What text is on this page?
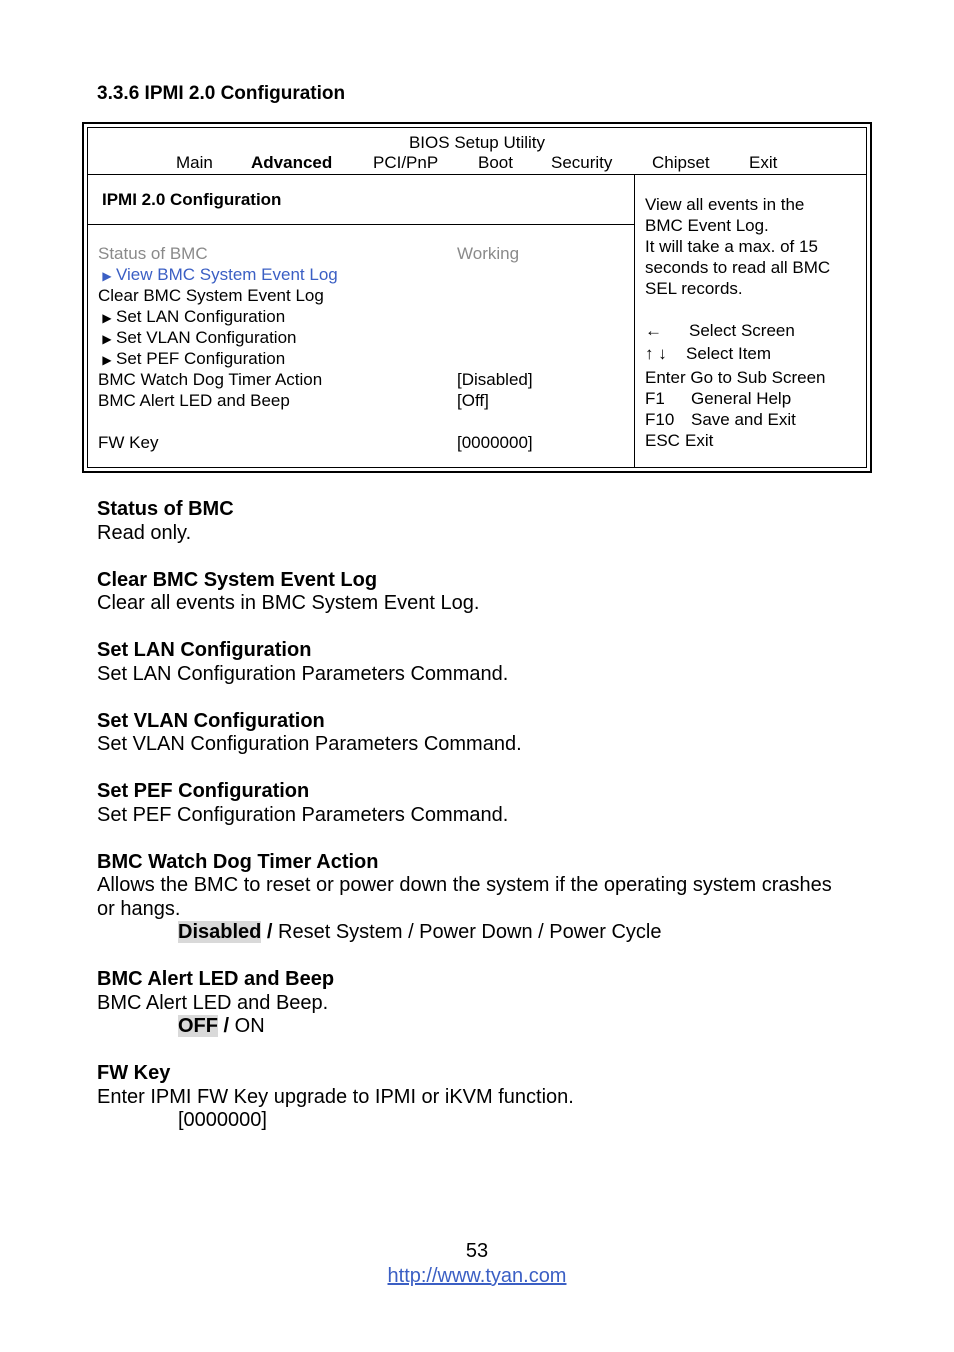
3.3.6 IPMI 2.0 Configuration
BIOS Setup Utility
Main Advanced PCI/PnP Boot Security Chipset Exit
IPMI 2.0 Configuration
Status of BMC	Working
▶ View BMC System Event Log
Clear BMC System Event Log
▶ Set LAN Configuration
▶ Set VLAN Configuration
▶ Set PEF Configuration
BMC Watch Dog Timer Action	[Disabled]
BMC Alert LED and Beep	[Off]
FW Key	[0000000]
View all events in the
BMC Event Log.
It will take a max. of 15
seconds to read all BMC
SEL records.
← Select Screen
↑ ↓ Select Item
Enter Go to Sub Screen
F1 General Help
F10 Save and Exit
ESC Exit
Status of BMC
Read only.
Clear BMC System Event Log
Clear all events in BMC System Event Log.
Set LAN Configuration
Set LAN Configuration Parameters Command.
Set VLAN Configuration
Set VLAN Configuration Parameters Command.
Set PEF Configuration
Set PEF Configuration Parameters Command.
BMC Watch Dog Timer Action
Allows the BMC to reset or power down the system if the operating system crashes
or hangs.
Disabled / Reset System / Power Down / Power Cycle
BMC Alert LED and Beep
BMC Alert LED and Beep.
OFF / ON
FW Key
Enter IPMI FW Key upgrade to IPMI or iKVM function.
[0000000]
53
http://www.tyan.com
